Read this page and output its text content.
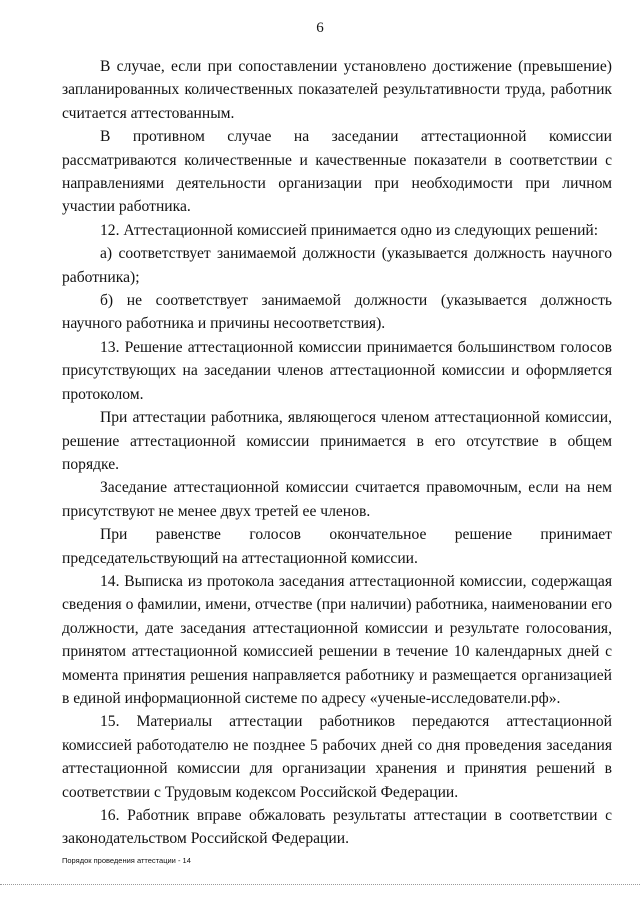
6

В случае, если при сопоставлении установлено достижение (превышение) запланированных количественных показателей результативности труда, работник считается аттестованным.

В противном случае на заседании аттестационной комиссии рассматриваются количественные и качественные показатели в соответствии с направлениями деятельности организации при необходимости при личном участии работника.

12. Аттестационной комиссией принимается одно из следующих решений:

а) соответствует занимаемой должности (указывается должность научного работника);

б) не соответствует занимаемой должности (указывается должность научного работника и причины несоответствия).

13. Решение аттестационной комиссии принимается большинством голосов присутствующих на заседании членов аттестационной комиссии и оформляется протоколом.

При аттестации работника, являющегося членом аттестационной комиссии, решение аттестационной комиссии принимается в его отсутствие в общем порядке.

Заседание аттестационной комиссии считается правомочным, если на нем присутствуют не менее двух третей ее членов.

При равенстве голосов окончательное решение принимает председательствующий на аттестационной комиссии.

14. Выписка из протокола заседания аттестационной комиссии, содержащая сведения о фамилии, имени, отчестве (при наличии) работника, наименовании его должности, дате заседания аттестационной комиссии и результате голосования, принятом аттестационной комиссией решении в течение 10 календарных дней с момента принятия решения направляется работнику и размещается организацией в единой информационной системе по адресу «ученые-исследователи.рф».

15. Материалы аттестации работников передаются аттестационной комиссией работодателю не позднее 5 рабочих дней со дня проведения заседания аттестационной комиссии для организации хранения и принятия решений в соответствии с Трудовым кодексом Российской Федерации.

16. Работник вправе обжаловать результаты аттестации в соответствии с законодательством Российской Федерации.

Порядок проведения аттестации - 14
